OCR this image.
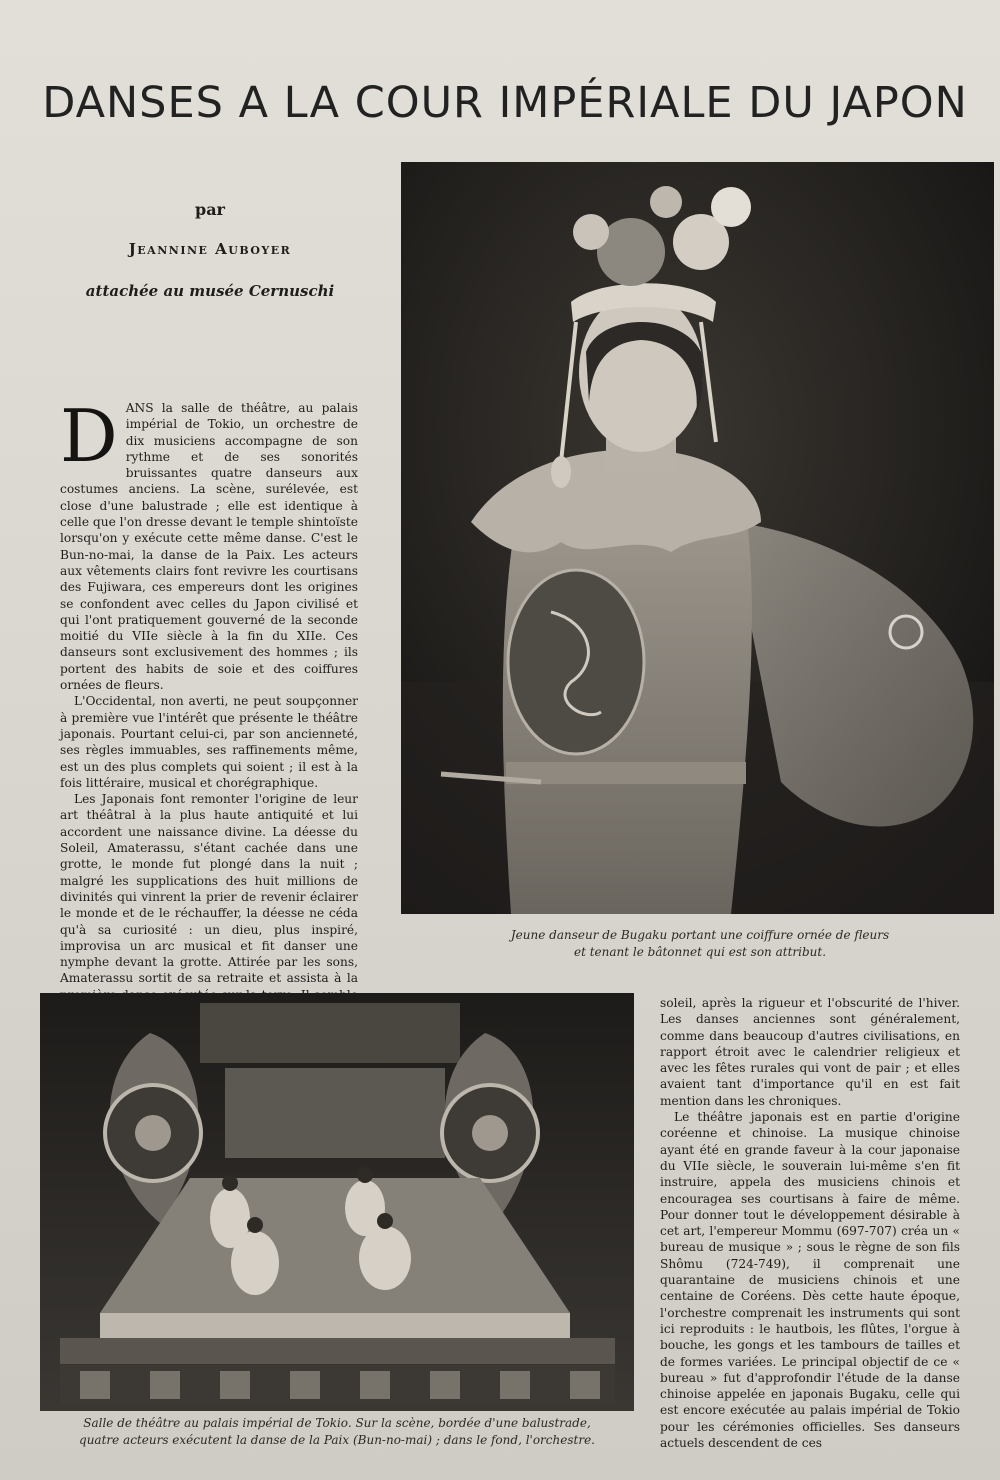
DANSES A LA COUR IMPÉRIALE DU JAPON

par

Jeannine Auboyer

attachée au musée Cernuschi

Jeune danseur de Bugaku portant une coiffure ornée de fleurs
et tenant le bâtonnet qui est son attribut.

D ANS la salle de théâtre, au palais impérial de Tokio, un orchestre de dix musiciens accompagne de son rythme et de ses sonorités bruissantes quatre danseurs aux costumes anciens. La scène, surélevée, est close d'une balustrade ; elle est identique à celle que l'on dresse devant le temple shintoïste lorsqu'on y exécute cette même danse. C'est le Bun-no-mai, la danse de la Paix. Les acteurs aux vêtements clairs font revivre les courtisans des Fujiwara, ces empereurs dont les origines se confondent avec celles du Japon civilisé et qui l'ont pratiquement gouverné de la seconde moitié du VIIe siècle à la fin du XIIe. Ces danseurs sont exclusivement des hommes ; ils portent des habits de soie et des coiffures ornées de fleurs.

L'Occidental, non averti, ne peut soupçonner à première vue l'intérêt que présente le théâtre japonais. Pourtant celui-ci, par son ancienneté, ses règles immuables, ses raffinements même, est un des plus complets qui soient ; il est à la fois littéraire, musical et chorégraphique.

Les Japonais font remonter l'origine de leur art théâtral à la plus haute antiquité et lui accordent une naissance divine. La déesse du Soleil, Amaterassu, s'étant cachée dans une grotte, le monde fut plongé dans la nuit ; malgré les supplications des huit millions de divinités qui vinrent la prier de revenir éclairer le monde et de le réchauffer, la déesse ne céda qu'à sa curiosité : un dieu, plus inspiré, improvisa un arc musical et fit danser une nymphe devant la grotte. Attirée par les sons, Amaterassu sortit de sa retraite et assista à la

Salle de théâtre au palais impérial de Tokio. Sur la scène, bordée d'une balustrade,
quatre acteurs exécutent la danse de la Paix (Bun-no-mai) ; dans le fond, l'orchestre.

soleil, après la rigueur et l'obscurité de l'hiver. Les danses anciennes sont généralement, comme dans beaucoup d'autres civilisations, en rapport étroit avec le calendrier religieux et avec les fêtes rurales qui vont de pair ; et elles avaient tant d'importance qu'il en est fait mention dans les chroniques.

Le théâtre japonais est en partie d'origine coréenne et chinoise. La musique chinoise ayant été en grande faveur à la cour japonaise du VIIe siècle, le souverain lui-même s'en fit instruire, appela des musiciens chinois et encouragea ses courtisans à faire de même. Pour donner tout le développement désirable à cet art, l'empereur Mommu (697-707) créa un « bureau de musique » ; sous le règne de son fils Shômu (724-749), il comprenait une quarantaine de musiciens chinois et une centaine de Coréens. Dès cette haute époque, l'orchestre comprenait les instruments qui sont ici reproduits : le hautbois, les flûtes, l'orgue à bouche, les gongs et les tambours de tailles et de formes variées. Le principal objectif de ce « bureau » fut d'approfondir l'étude de la danse chinoise appelée en japonais Bugaku, celle qui est encore exécutée au palais impérial de Tokio pour les cérémonies officielles. Ses danseurs actuels descendent de ces
